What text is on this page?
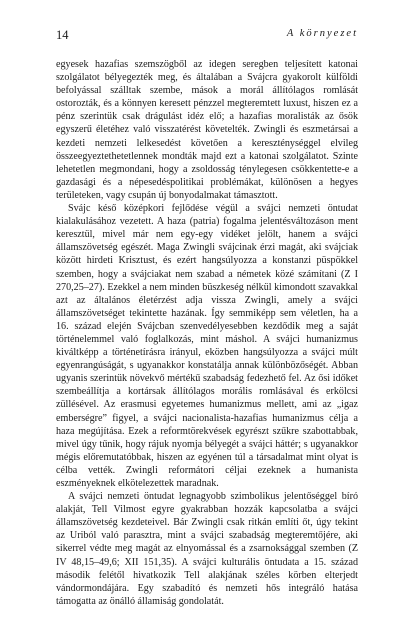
14	A környezet

egyesek hazafias szemszögből az idegen seregben teljesített katonai szolgálatot bélyegezték meg, és általában a Svájcra gyakorolt külföldi befolyással szálltak szembe, mások a morál állítólagos romlását ostorozták, és a könnyen keresett pénzzel megteremtett luxust, hiszen ez a pénz szerintük csak drágulást idéz elő; a hazafias moralisták az ősök egyszerű életéhez való visszatérést követelték. Zwingli és eszmetársai a kezdeti nemzeti lelkesedést követően a kereszténységgel elvileg összeegyeztethetetlennek mondták majd ezt a katonai szolgálatot. Szinte lehetetlen megmondani, hogy a zsoldosság ténylegesen csökkentette-e a gazdasági és a népesedéspolitikai problémákat, különösen a hegyes területeken, vagy csupán új bonyodalmakat támasztott.

Svájc késő középkori fejlődése végül a svájci nemzeti öntudat kialakulásához vezetett. A haza (patria) fogalma jelentésváltozáson ment keresztül, mivel már nem egy-egy vidéket jelölt, hanem a svájci államszövetség egészét. Maga Zwingli svájcinak érzi magát, aki svájciak között hirdeti Krisztust, és ezért hangsúlyozza a konstanzi püspökkel szemben, hogy a svájciakat nem szabad a németek közé számítani (Z I 270,25–27). Ezekkel a nem minden büszkeség nélkül kimondott szavakkal azt az általános életérzést adja vissza Zwingli, amely a svájci államszövetséget tekintette hazának. Így semmiképp sem véletlen, ha a 16. század elején Svájcban szenvedélyesebben kezdődik meg a saját történelemmel való foglalkozás, mint máshol. A svájci humanizmus kiváltképp a történetírásra irányul, eközben hangsúlyozza a svájci múlt egyenrangúságát, s ugyanakkor konstatálja annak különbözőségét. Abban ugyanis szerintük növekvő mértékű szabadság fedezhető fel. Az ősi időket szembeállítja a kortársak állítólagos morális romlásával és erkölcsi züllésével. Az erasmusi egyetemes humanizmus mellett, ami az „igaz emberségre” figyel, a svájci nacionalista-hazafias humanizmus célja a haza megújítása. Ezek a reformtörekvések egyrészt szűkre szabottabbak, mivel úgy tűnik, hogy rájuk nyomja bélyegét a svájci háttér; s ugyanakkor mégis előremutatóbbak, hiszen az egyénen túl a társadalmat mint olyat is célba vették. Zwingli reformátori céljai ezeknek a humanista eszményeknek elkötelezettek maradnak.

A svájci nemzeti öntudat legnagyobb szimbolikus jelentőséggel bíró alakját, Tell Vilmost egyre gyakrabban hozzák kapcsolatba a svájci államszövetség kezdeteivel. Bár Zwingli csak ritkán említi őt, úgy tekint az Uriból való parasztra, mint a svájci szabadság megteremtőjére, aki sikerrel védte meg magát az elnyomással és a zsarnoksággal szemben (Z IV 48,15–49,6; XII 151,35). A svájci kulturális öntudata a 15. század második felétől hivatkozik Tell alakjának széles körben elterjedt vándormondájára. Egy szabadító és nemzeti hős integráló hatása támogatta az önálló államiság gondolatát.
